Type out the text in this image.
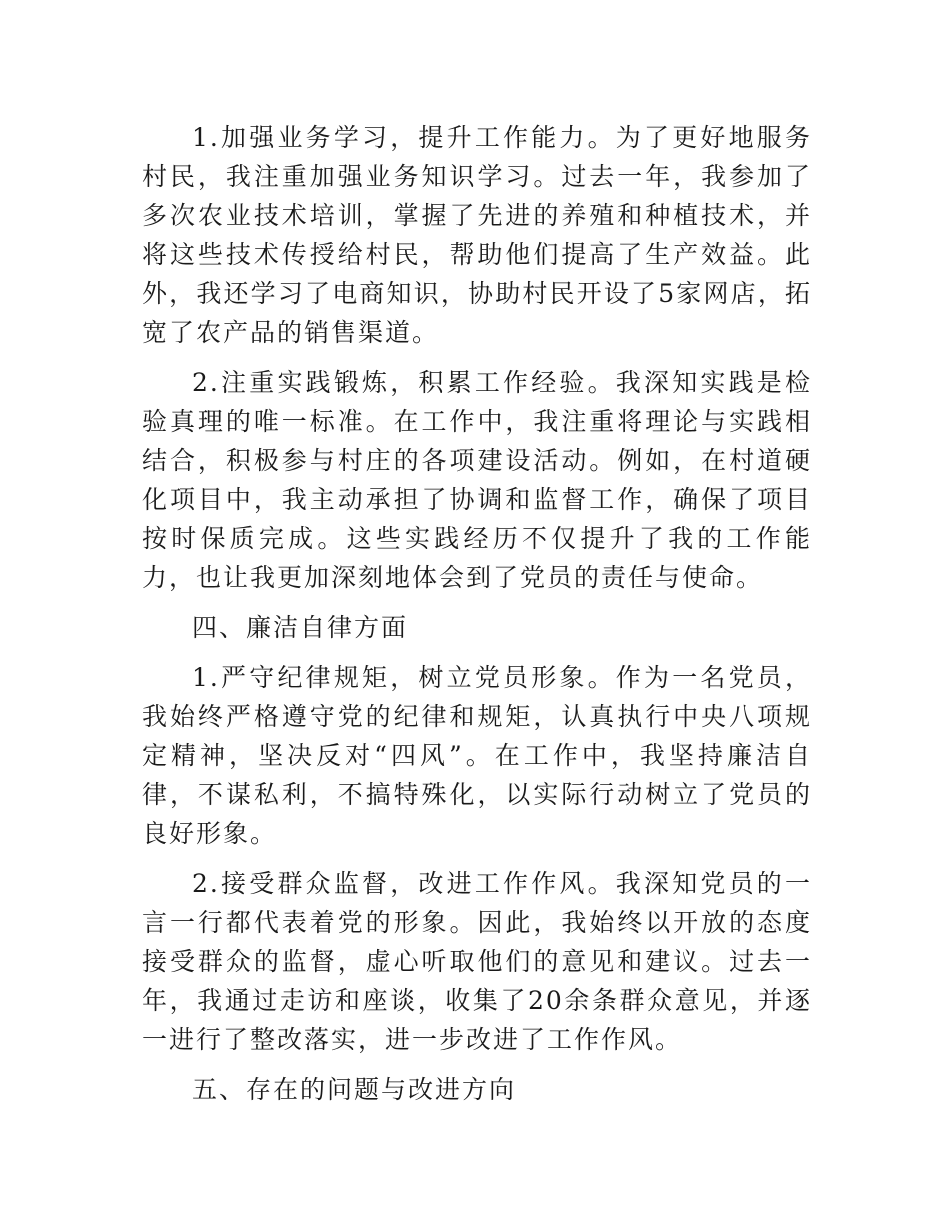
1.加强业务学习，提升工作能力。为了更好地服务村民，我注重加强业务知识学习。过去一年，我参加了多次农业技术培训，掌握了先进的养殖和种植技术，并将这些技术传授给村民，帮助他们提高了生产效益。此外，我还学习了电商知识，协助村民开设了5家网店，拓宽了农产品的销售渠道。

2.注重实践锻炼，积累工作经验。我深知实践是检验真理的唯一标准。在工作中，我注重将理论与实践相结合，积极参与村庄的各项建设活动。例如，在村道硬化项目中，我主动承担了协调和监督工作，确保了项目按时保质完成。这些实践经历不仅提升了我的工作能力，也让我更加深刻地体会到了党员的责任与使命。

四、廉洁自律方面

1.严守纪律规矩，树立党员形象。作为一名党员，我始终严格遵守党的纪律和规矩，认真执行中央八项规定精神，坚决反对“四风”。在工作中，我坚持廉洁自律，不谋私利，不搞特殊化，以实际行动树立了党员的良好形象。

2.接受群众监督，改进工作作风。我深知党员的一言一行都代表着党的形象。因此，我始终以开放的态度接受群众的监督，虚心听取他们的意见和建议。过去一年，我通过走访和座谈，收集了20余条群众意见，并逐一进行了整改落实，进一步改进了工作作风。

五、存在的问题与改进方向
